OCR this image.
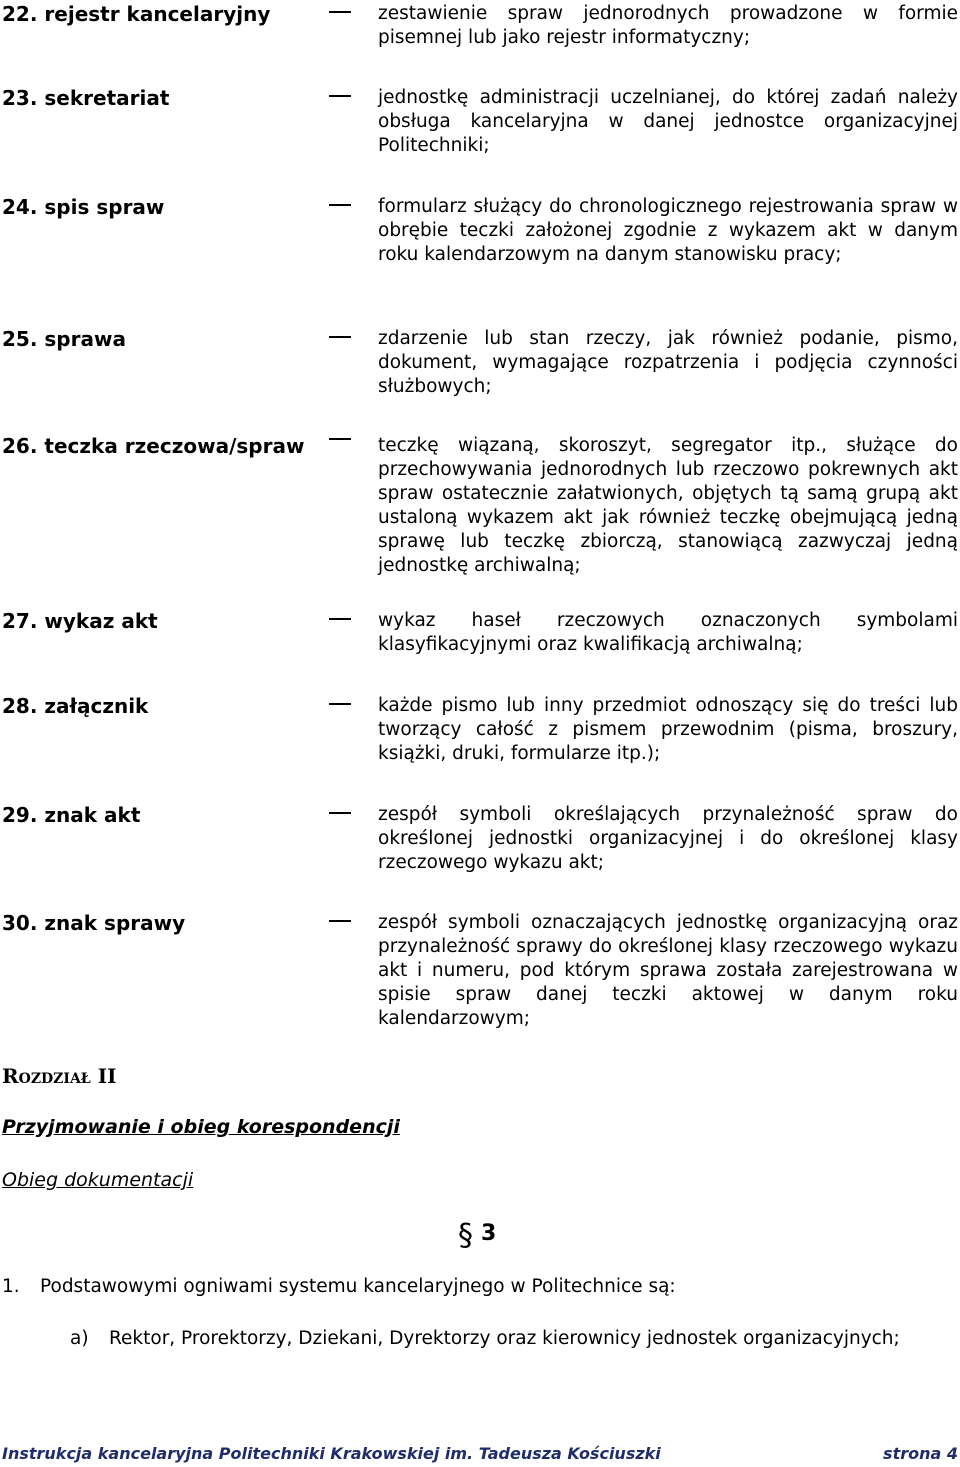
22. rejestr kancelaryjny	zestawienie spraw jednorodnych prowadzone w formie pisemnej lub jako rejestr informatyczny;
23. sekretariat	jednostkę administracji uczelnianej, do której zadań należy obsługa kancelaryjna w danej jednostce organizacyjnej Politechniki;
24. spis spraw	formularz służący do chronologicznego rejestrowania spraw w obrębie teczki założonej zgodnie z wykazem akt w danym roku kalendarzowym na danym stanowisku pracy;
25. sprawa	zdarzenie lub stan rzeczy, jak również podanie, pismo, dokument, wymagające rozpatrzenia i podjęcia czynności służbowych;
26. teczka rzeczowa/spraw	teczkę wiązaną, skoroszyt, segregator itp., służące do przechowywania jednorodnych lub rzeczowo pokrewnych akt spraw ostatecznie załatwionych, objętych tą samą grupą akt ustaloną wykazem akt jak również teczkę obejmującą jedną sprawę lub teczkę zbiorczą, stanowiącą zazwyczaj jedną jednostkę archiwalną;
27. wykaz akt	wykaz haseł rzeczowych oznaczonych symbolami klasyfikacyjnymi oraz kwalifikacją archiwalną;
28. załącznik	każde pismo lub inny przedmiot odnoszący się do treści lub tworzący całość z pismem przewodnim (pisma, broszury, książki, druki, formularze itp.);
29. znak akt	zespół symboli określających przynależność spraw do określonej jednostki organizacyjnej i do określonej klasy rzeczowego wykazu akt;
30. znak sprawy	zespół symboli oznaczających jednostkę organizacyjną oraz przynależność sprawy do określonej klasy rzeczowego wykazu akt i numeru, pod którym sprawa została zarejestrowana w spisie spraw danej teczki aktowej w danym roku kalendarzowym;
Rozdział II
Przyjmowanie i obieg korespondencji
Obieg dokumentacji
§ 3
1. Podstawowymi ogniwami systemu kancelaryjnego w Politechnice są:
a) Rektor, Prorektorzy, Dziekani, Dyrektorzy oraz kierownicy jednostek organizacyjnych;
Instrukcja kancelaryjna Politechniki Krakowskiej im. Tadeusza Kościuszki	strona 4
